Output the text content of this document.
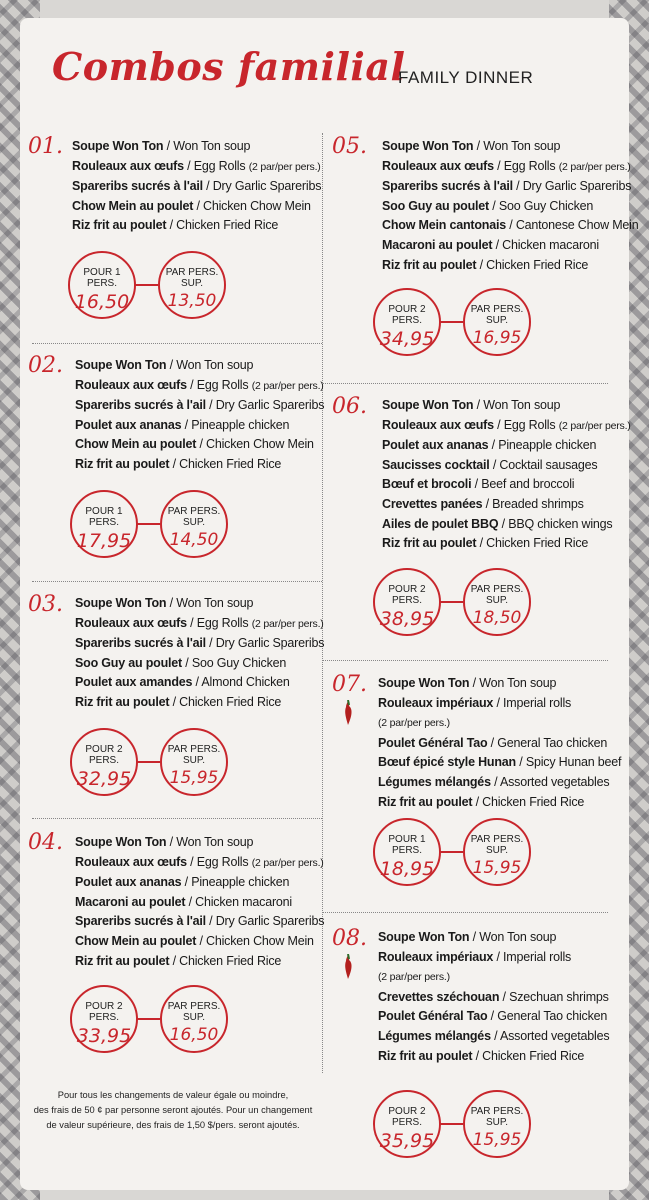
Combos familial
FAMILY DINNER
01. Soupe Won Ton / Won Ton soup
Rouleaux aux œufs / Egg Rolls (2 par/per pers.)
Spareribs sucrés à l'ail / Dry Garlic Spareribs
Chow Mein au poulet / Chicken Chow Mein
Riz frit au poulet / Chicken Fried Rice
POUR 1 PERS.
16,50
PAR PERS. SUP.
13,50
02. Soupe Won Ton / Won Ton soup
Rouleaux aux œufs / Egg Rolls (2 par/per pers.)
Spareribs sucrés à l'ail / Dry Garlic Spareribs
Poulet aux ananas / Pineapple chicken
Chow Mein au poulet / Chicken Chow Mein
Riz frit au poulet / Chicken Fried Rice
POUR 1 PERS.
17,95
PAR PERS. SUP.
14,50
03. Soupe Won Ton / Won Ton soup
Rouleaux aux œufs / Egg Rolls (2 par/per pers.)
Spareribs sucrés à l'ail / Dry Garlic Spareribs
Soo Guy au poulet / Soo Guy Chicken
Poulet aux amandes / Almond Chicken
Riz frit au poulet / Chicken Fried Rice
POUR 2 PERS.
32,95
PAR PERS. SUP.
15,95
04. Soupe Won Ton / Won Ton soup
Rouleaux aux œufs / Egg Rolls (2 par/per pers.)
Poulet aux ananas / Pineapple chicken
Macaroni au poulet / Chicken macaroni
Spareribs sucrés à l'ail / Dry Garlic Spareribs
Chow Mein au poulet / Chicken Chow Mein
Riz frit au poulet / Chicken Fried Rice
POUR 2 PERS.
33,95
PAR PERS. SUP.
16,50
05. Soupe Won Ton / Won Ton soup
Rouleaux aux œufs / Egg Rolls (2 par/per pers.)
Spareribs sucrés à l'ail / Dry Garlic Spareribs
Soo Guy au poulet / Soo Guy Chicken
Chow Mein cantonais / Cantonese Chow Mein
Macaroni au poulet / Chicken macaroni
Riz frit au poulet / Chicken Fried Rice
POUR 2 PERS.
34,95
PAR PERS. SUP.
16,95
06. Soupe Won Ton / Won Ton soup
Rouleaux aux œufs / Egg Rolls (2 par/per pers.)
Poulet aux ananas / Pineapple chicken
Saucisses cocktail / Cocktail sausages
Bœuf et brocoli / Beef and broccoli
Crevettes panées / Breaded shrimps
Ailes de poulet BBQ / BBQ chicken wings
Riz frit au poulet / Chicken Fried Rice
POUR 2 PERS.
38,95
PAR PERS. SUP.
18,50
07. Soupe Won Ton / Won Ton soup
Rouleaux impériaux / Imperial rolls
(2 par/per pers.)
Poulet Général Tao / General Tao chicken
Bœuf épicé style Hunan / Spicy Hunan beef
Légumes mélangés / Assorted vegetables
Riz frit au poulet / Chicken Fried Rice
POUR 1 PERS.
18,95
PAR PERS. SUP.
15,95
08. Soupe Won Ton / Won Ton soup
Rouleaux impériaux / Imperial rolls
(2 par/per pers.)
Crevettes széchouan / Szechuan shrimps
Poulet Général Tao / General Tao chicken
Légumes mélangés / Assorted vegetables
Riz frit au poulet / Chicken Fried Rice
POUR 2 PERS.
35,95
PAR PERS. SUP.
15,95
Pour tous les changements de valeur égale ou moindre,
des frais de 50 ¢ par personne seront ajoutés. Pour un changement
de valeur supérieure, des frais de 1,50 $/pers. seront ajoutés.
